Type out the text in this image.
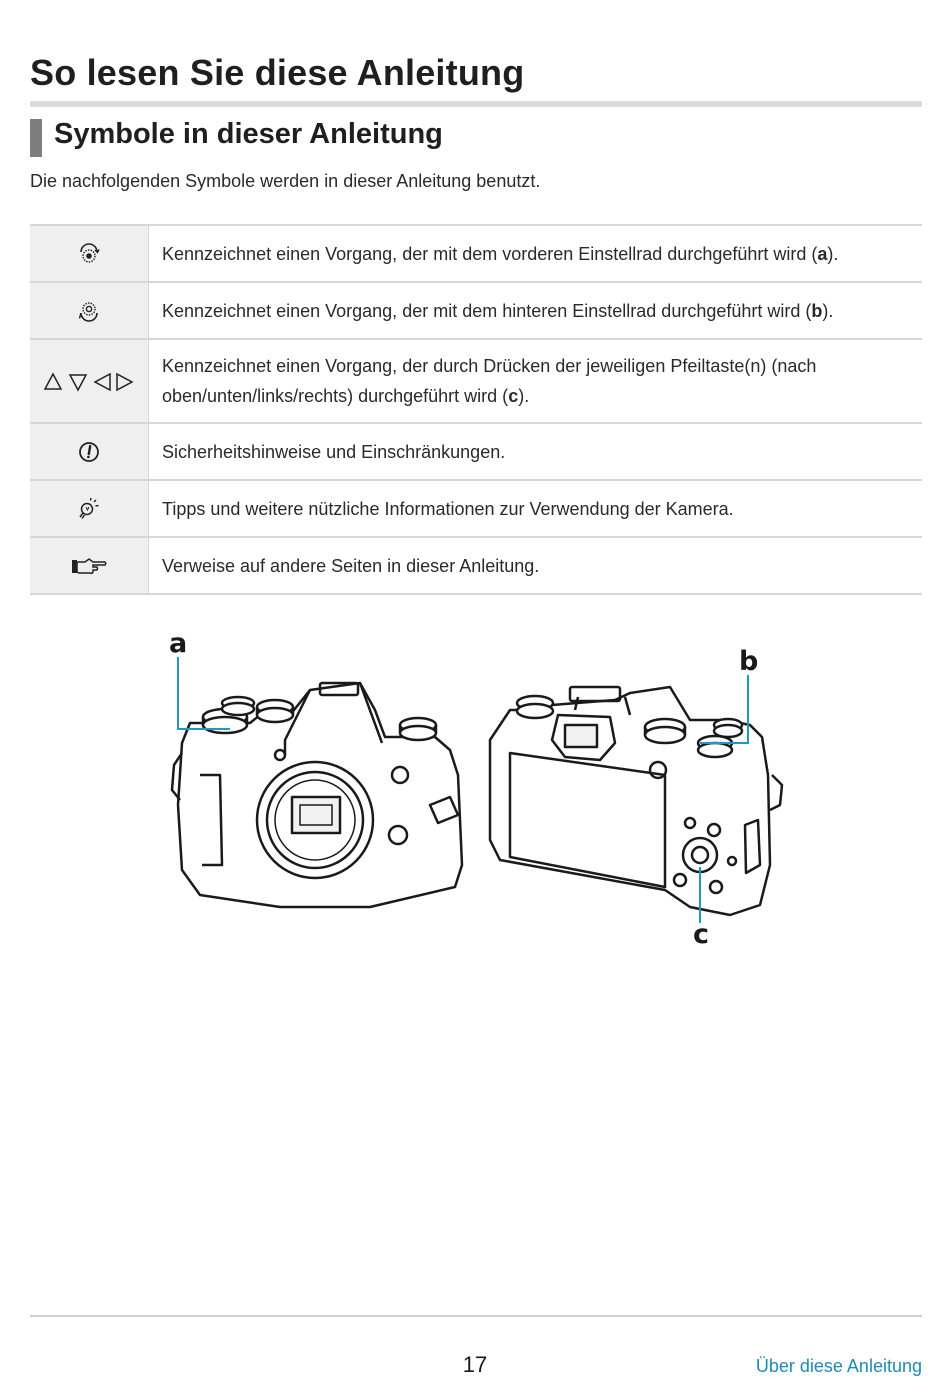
So lesen Sie diese Anleitung
Symbole in dieser Anleitung

Die nachfolgenden Symbole werden in dieser Anleitung benutzt.

	Kennzeichnet einen Vorgang, der mit dem vorderen Einstellrad durchgeführt wird (a).
	Kennzeichnet einen Vorgang, der mit dem hinteren Einstellrad durchgeführt wird (b).
	Kennzeichnet einen Vorgang, der durch Drücken der jeweiligen Pfeiltaste(n) (nach oben/unten/links/rechts) durchgeführt wird (c).
	Sicherheitshinweise und Einschränkungen.
	Tipps und weitere nützliche Informationen zur Verwendung der Kamera.
	Verweise auf andere Seiten in dieser Anleitung.
a
b
c
17	Über diese Anleitung
